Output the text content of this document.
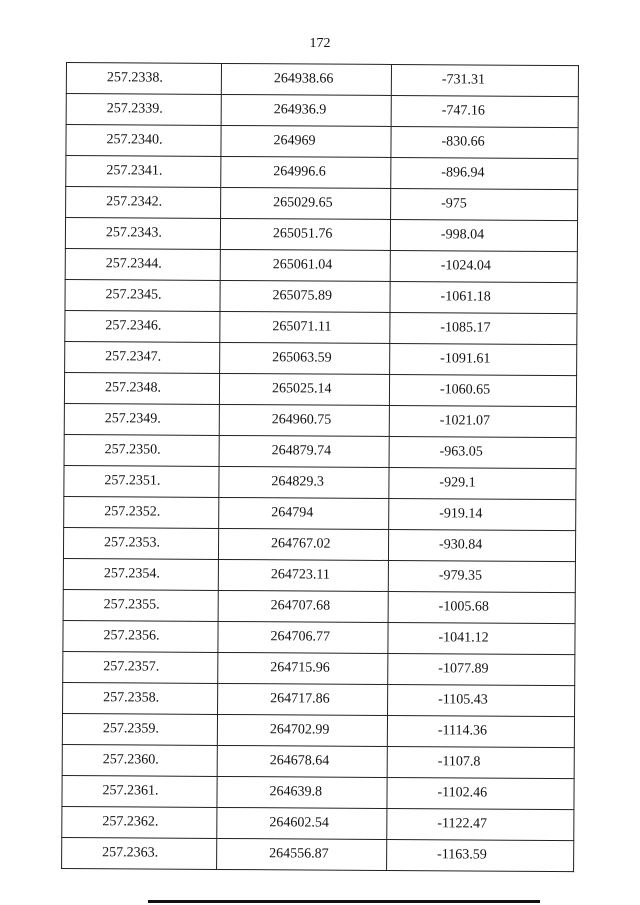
172
257.2338.	264938.66	-731.31
257.2339.	264936.9	-747.16
257.2340.	264969	-830.66
257.2341.	264996.6	-896.94
257.2342.	265029.65	-975
257.2343.	265051.76	-998.04
257.2344.	265061.04	-1024.04
257.2345.	265075.89	-1061.18
257.2346.	265071.11	-1085.17
257.2347.	265063.59	-1091.61
257.2348.	265025.14	-1060.65
257.2349.	264960.75	-1021.07
257.2350.	264879.74	-963.05
257.2351.	264829.3	-929.1
257.2352.	264794	-919.14
257.2353.	264767.02	-930.84
257.2354.	264723.11	-979.35
257.2355.	264707.68	-1005.68
257.2356.	264706.77	-1041.12
257.2357.	264715.96	-1077.89
257.2358.	264717.86	-1105.43
257.2359.	264702.99	-1114.36
257.2360.	264678.64	-1107.8
257.2361.	264639.8	-1102.46
257.2362.	264602.54	-1122.47
257.2363.	264556.87	-1163.59
